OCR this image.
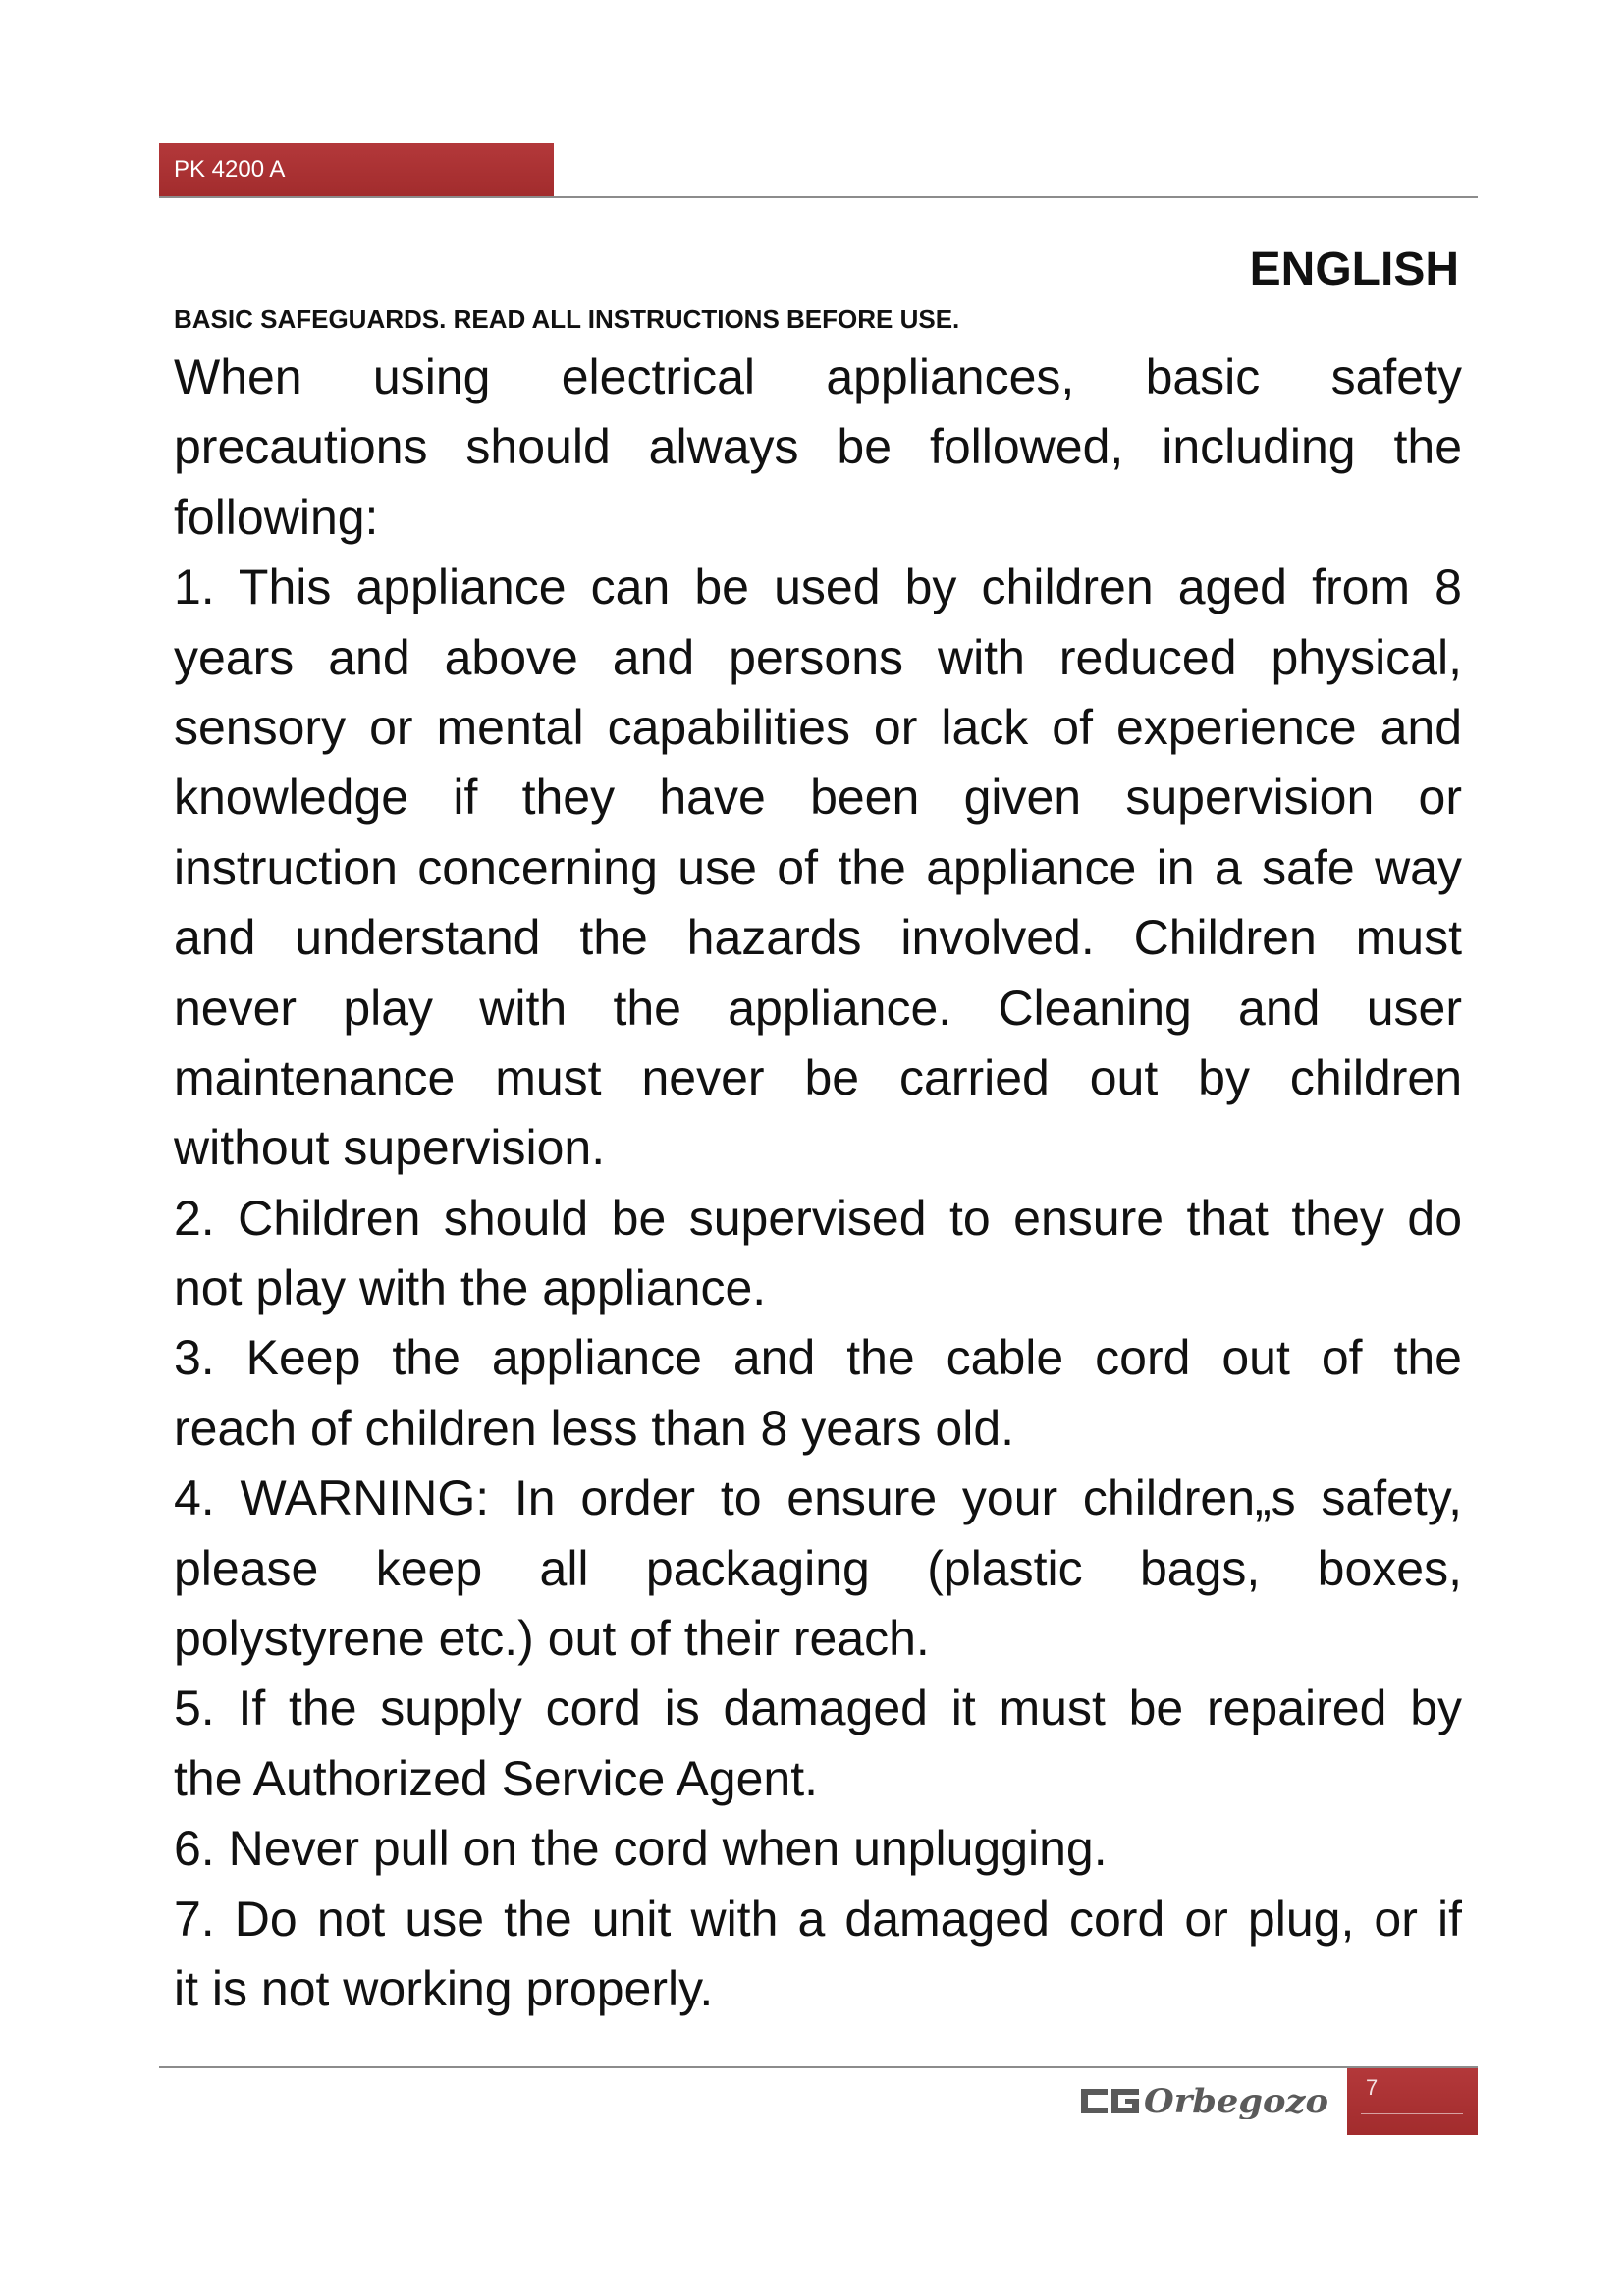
PK 4200 A
ENGLISH
BASIC SAFEGUARDS. READ ALL INSTRUCTIONS BEFORE USE.
When using electrical appliances, basic safety
precautions should always be followed, including the
following:
1. This appliance can be used by children aged from 8
years and above and persons with reduced physical,
sensory or mental capabilities or lack of experience and
knowledge if they have been given supervision or
instruction concerning use of the appliance in a safe way
and understand the hazards involved. Children must
never play with the appliance. Cleaning and user
maintenance must never be carried out by children
without supervision.
2. Children should be supervised to ensure that they do
not play with the appliance.
3. Keep the appliance and the cable cord out of the
reach of children less than 8 years old.
4. WARNING: In order to ensure your children„s safety,
please keep all packaging (plastic bags, boxes,
polystyrene etc.) out of their reach.
5. If the supply cord is damaged it must be repaired by
the Authorized Service Agent.
6. Never pull on the cord when unplugging.
7. Do not use the unit with a damaged cord or plug, or if
it is not working properly.
Orbegozo 7
